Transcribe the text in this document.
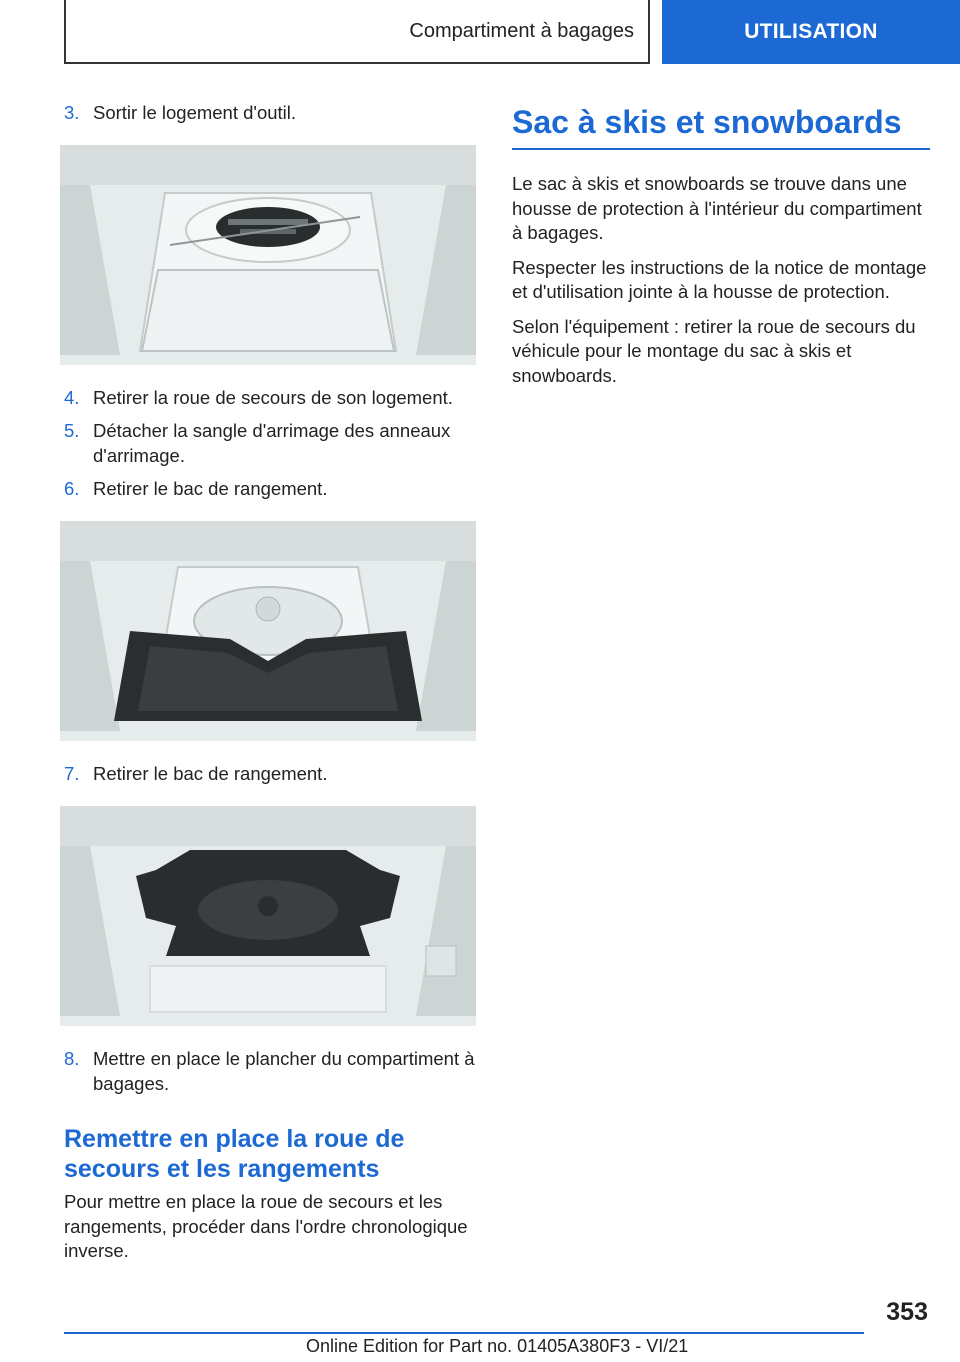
Compartiment à bagages	UTILISATION
3. Sortir le logement d'outil.
4. Retirer la roue de secours de son logement.
5. Détacher la sangle d'arrimage des anneaux d'arrimage.
6. Retirer le bac de rangement.
7. Retirer le bac de rangement.
8. Mettre en place le plancher du compartiment à bagages.
Remettre en place la roue de secours et les rangements

Pour mettre en place la roue de secours et les rangements, procéder dans l'ordre chronologique inverse.

Sac à skis et snowboards

Le sac à skis et snowboards se trouve dans une housse de protection à l'intérieur du compartiment à bagages.

Respecter les instructions de la notice de montage et d'utilisation jointe à la housse de protection.

Selon l'équipement : retirer la roue de secours du véhicule pour le montage du sac à skis et snowboards.

353
Online Edition for Part no. 01405A380F3 - VI/21
